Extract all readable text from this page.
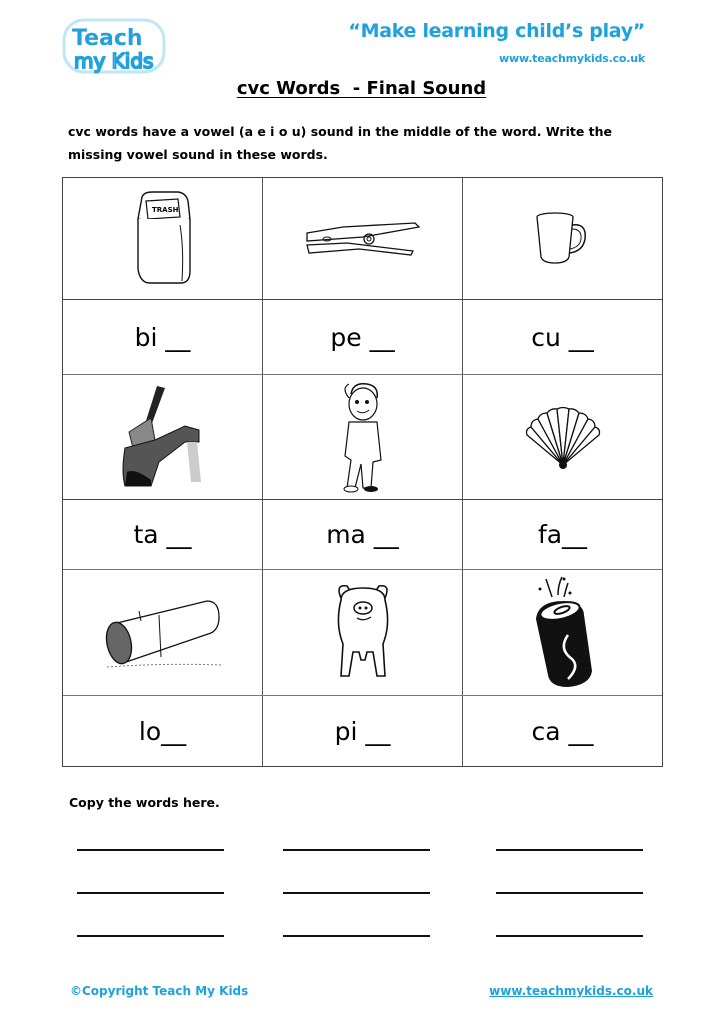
Teach
my Kids
“Make learning child’s play”
www.teachmykids.co.uk
cvc Words  - Final Sound
cvc words have a vowel (a e i o u) sound in the middle of the word. Write the missing vowel sound in these words.
TRASH
bi __	pe __	cu __
ta __	ma __	fa__
lo__	pi __	ca __
Copy the words here.
©Copyright Teach My Kids	www.teachmykids.co.uk
